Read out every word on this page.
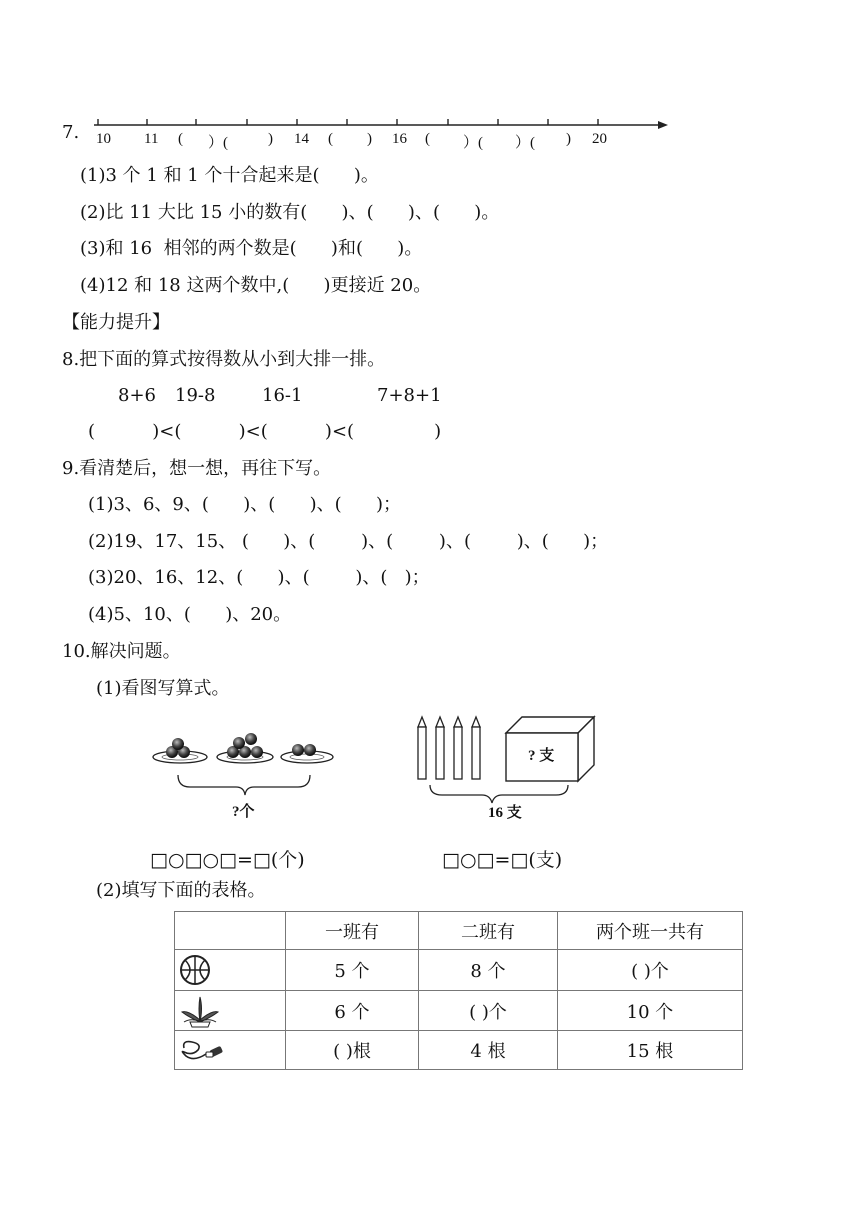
7. 10 11 ( ）(	) 14 ( ) 16 ( ）( ）( ) 20
(1)3 个 1 和 1 个十合起来是(      )。
(2)比 11 大比 15 小的数有(      )、(      )、(      )。
(3)和 16  相邻的两个数是(      )和(      )。
(4)12 和 18 这两个数中,(      )更接近 20。
【能力提升】
8.把下面的算式按得数从小到大排一排。
8+6 19-8	16-1	7+8+1
(          )<(          )<(          )<(              )
9.看清楚后，想一想，再往下写。
(1)3、6、9、(      )、(      )、(      )；
(2)19、17、15、 (      )、(        )、(        )、(        )、(      )；
(3)20、16、12、(      )、(        )、(   )；
(4)5、10、(      )、20。
10.解决问题。
(1)看图写算式。
?个
? 支
16 支
□○□○□=□(个)	□○□=□(支)
(2)填写下面的表格。
	一班有	二班有	两个班一共有
	5 个	8 个	( )个
	6 个	( )个	10 个
	( )根	4 根	15 根
